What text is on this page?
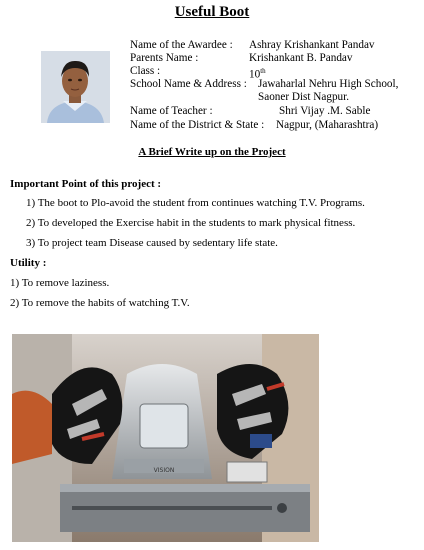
Useful Boot
Name of the Awardee : Ashray Krishankant Pandav
Parents Name :	Krishankant B. Pandav
Class :	10th
School Name & Address : Jawaharlal Nehru High School,
Saoner Dist Nagpur.
Name of Teacher :	Shri Vijay .M. Sable
Name of the District & State : Nagpur, (Maharashtra)
A Brief Write up on the Project
Important Point of this project :
1) The boot to Plo-avoid the student from continues watching T.V. Programs.
2) To developed the Exercise habit in the students to mark physical fitness.
3) To project team Disease caused by sedentary life state.
Utility :
1) To remove laziness.
2) To remove the habits of watching T.V.
VISION
